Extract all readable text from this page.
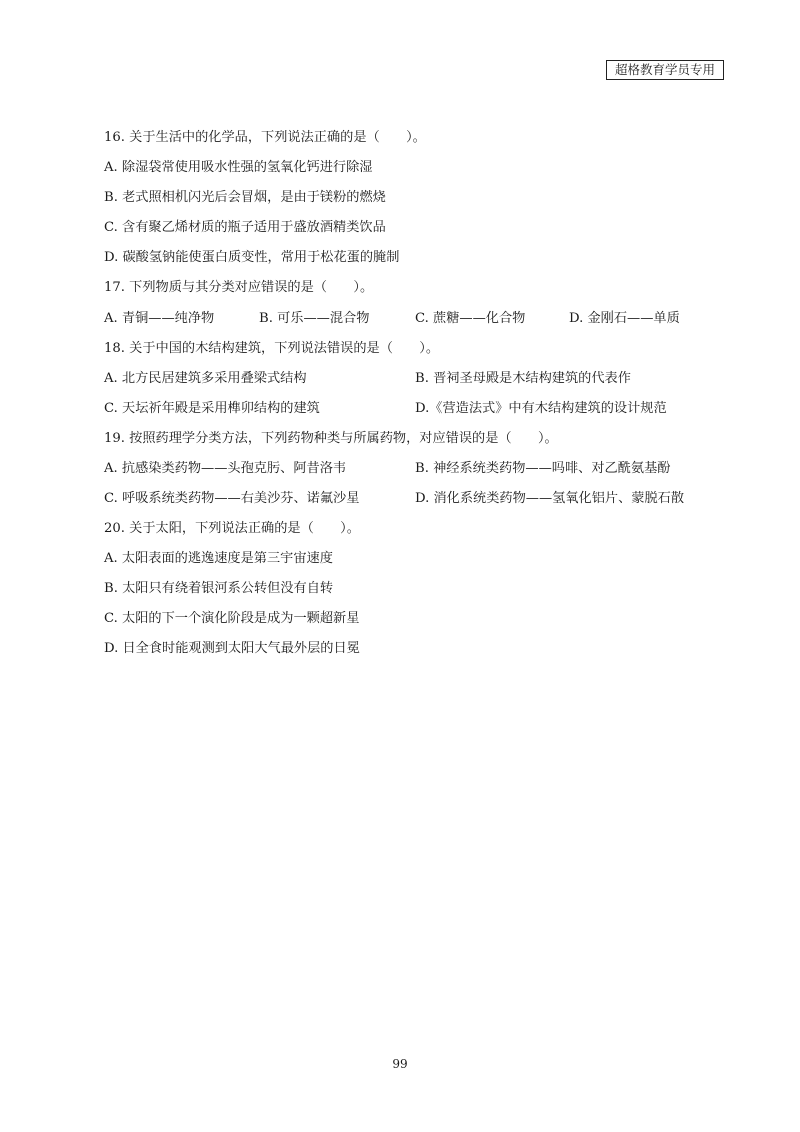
超格教育学员专用
16. 关于生活中的化学品，下列说法正确的是（　　）。
A. 除湿袋常使用吸水性强的氢氧化钙进行除湿
B. 老式照相机闪光后会冒烟，是由于镁粉的燃烧
C. 含有聚乙烯材质的瓶子适用于盛放酒精类饮品
D. 碳酸氢钠能使蛋白质变性，常用于松花蛋的腌制
17. 下列物质与其分类对应错误的是（　　）。
A. 青铜——纯净物	B. 可乐——混合物	C. 蔗糖——化合物	D. 金刚石——单质
18. 关于中国的木结构建筑，下列说法错误的是（　　）。
A. 北方民居建筑多采用叠梁式结构	B. 晋祠圣母殿是木结构建筑的代表作
C. 天坛祈年殿是采用榫卯结构的建筑	D.《营造法式》中有木结构建筑的设计规范
19. 按照药理学分类方法，下列药物种类与所属药物，对应错误的是（　　）。
A. 抗感染类药物——头孢克肟、阿昔洛韦	B. 神经系统类药物——吗啡、对乙酰氨基酚
C. 呼吸系统类药物——右美沙芬、诺氟沙星	D. 消化系统类药物——氢氧化铝片、蒙脱石散
20. 关于太阳，下列说法正确的是（　　）。
A. 太阳表面的逃逸速度是第三宇宙速度
B. 太阳只有绕着银河系公转但没有自转
C. 太阳的下一个演化阶段是成为一颗超新星
D. 日全食时能观测到太阳大气最外层的日冕
99
